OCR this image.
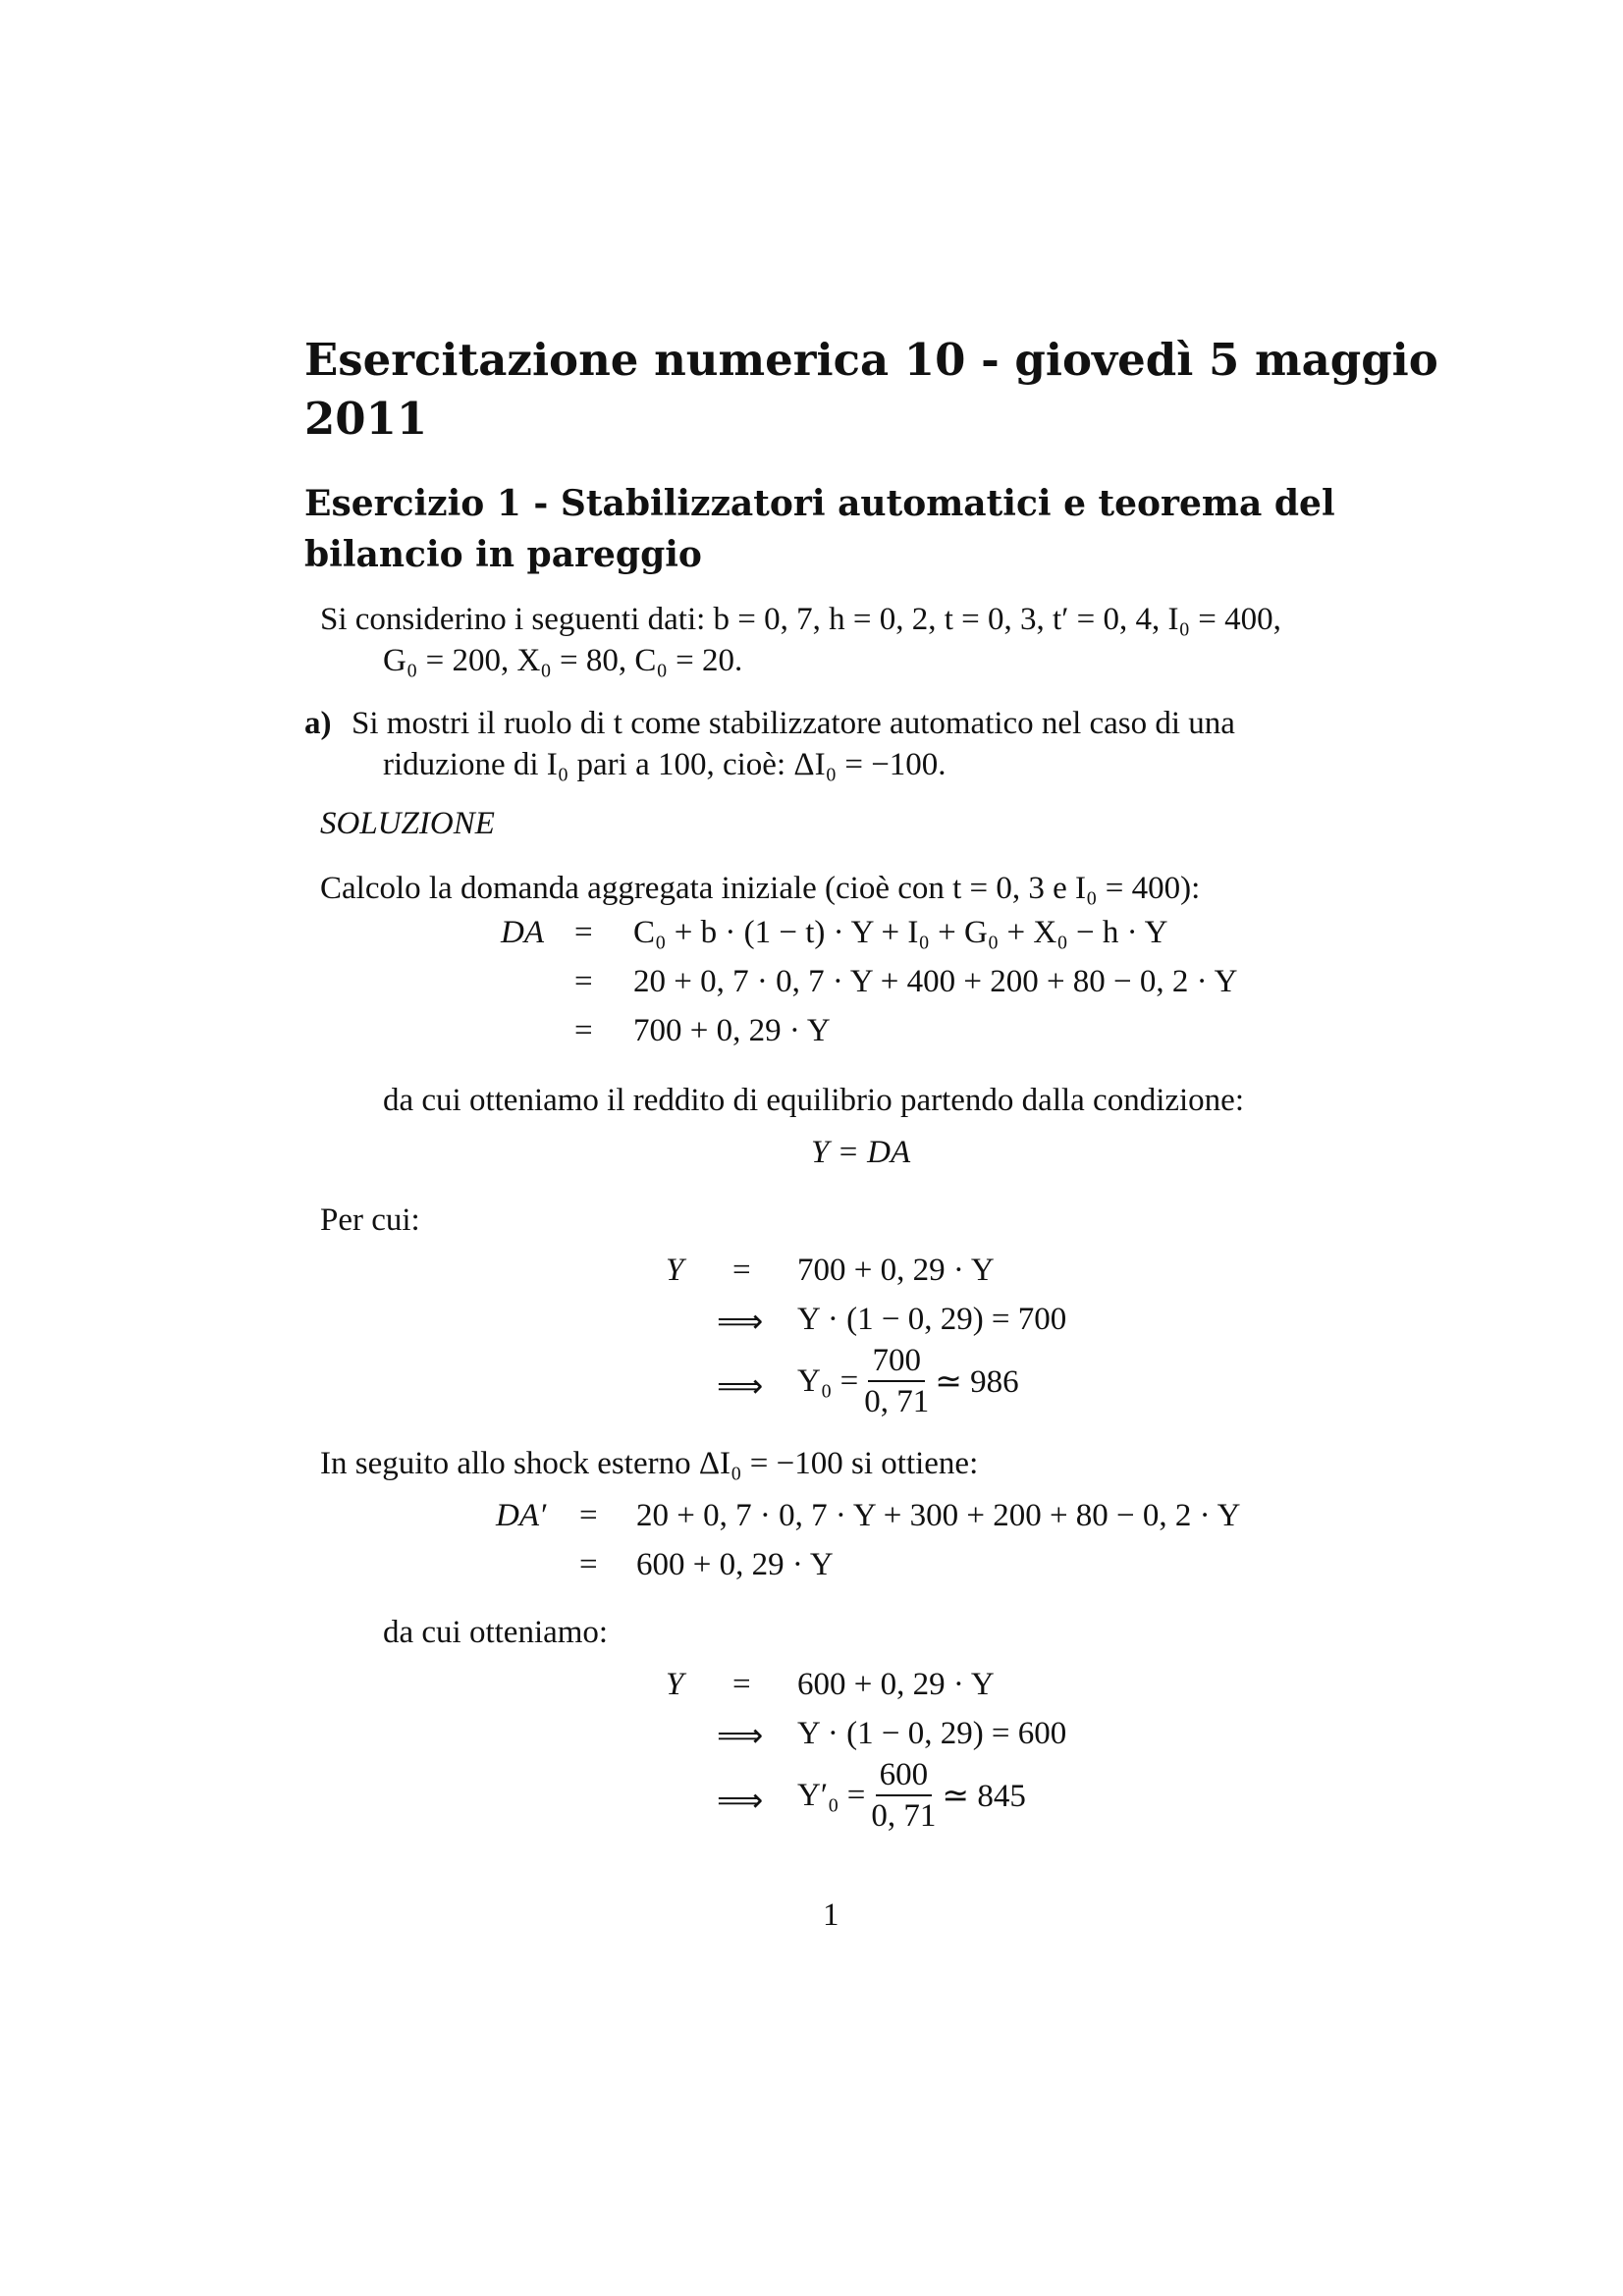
Esercitazione numerica 10 - giovedì 5 maggio
2011
Esercizio 1 - Stabilizzatori automatici e teorema del
bilancio in pareggio
Si considerino i seguenti dati: b = 0, 7, h = 0, 2, t = 0, 3, t′ = 0, 4, I₀ = 400,
G₀ = 200, X₀ = 80, C₀ = 20.
a) Si mostri il ruolo di t come stabilizzatore automatico nel caso di una
riduzione di I₀ pari a 100, cioè: ΔI₀ = −100.
SOLUZIONE
Calcolo la domanda aggregata iniziale (cioè con t = 0, 3 e I₀ = 400):
DA = C₀ + b · (1 − t) · Y + I₀ + G₀ + X₀ − h · Y
= 20 + 0, 7 · 0, 7 · Y + 400 + 200 + 80 − 0, 2 · Y
= 700 + 0, 29 · Y
da cui otteniamo il reddito di equilibrio partendo dalla condizione:
Y = DA
Per cui:
Y = 700 + 0, 29 · Y
⟹ Y · (1 − 0, 29) = 700
⟹ $Y_0 = \frac{700}{0, 71}$ ≃ 986
In seguito allo shock esterno ΔI₀ = −100 si ottiene:
DA′ = 20 + 0, 7 · 0, 7 · Y + 300 + 200 + 80 − 0, 2 · Y
= 600 + 0, 29 · Y
da cui otteniamo:
Y = 600 + 0, 29 · Y
⟹ Y · (1 − 0, 29) = 600
⟹ $Y'_0 = \frac{600}{0, 71}$ ≃ 845
1
